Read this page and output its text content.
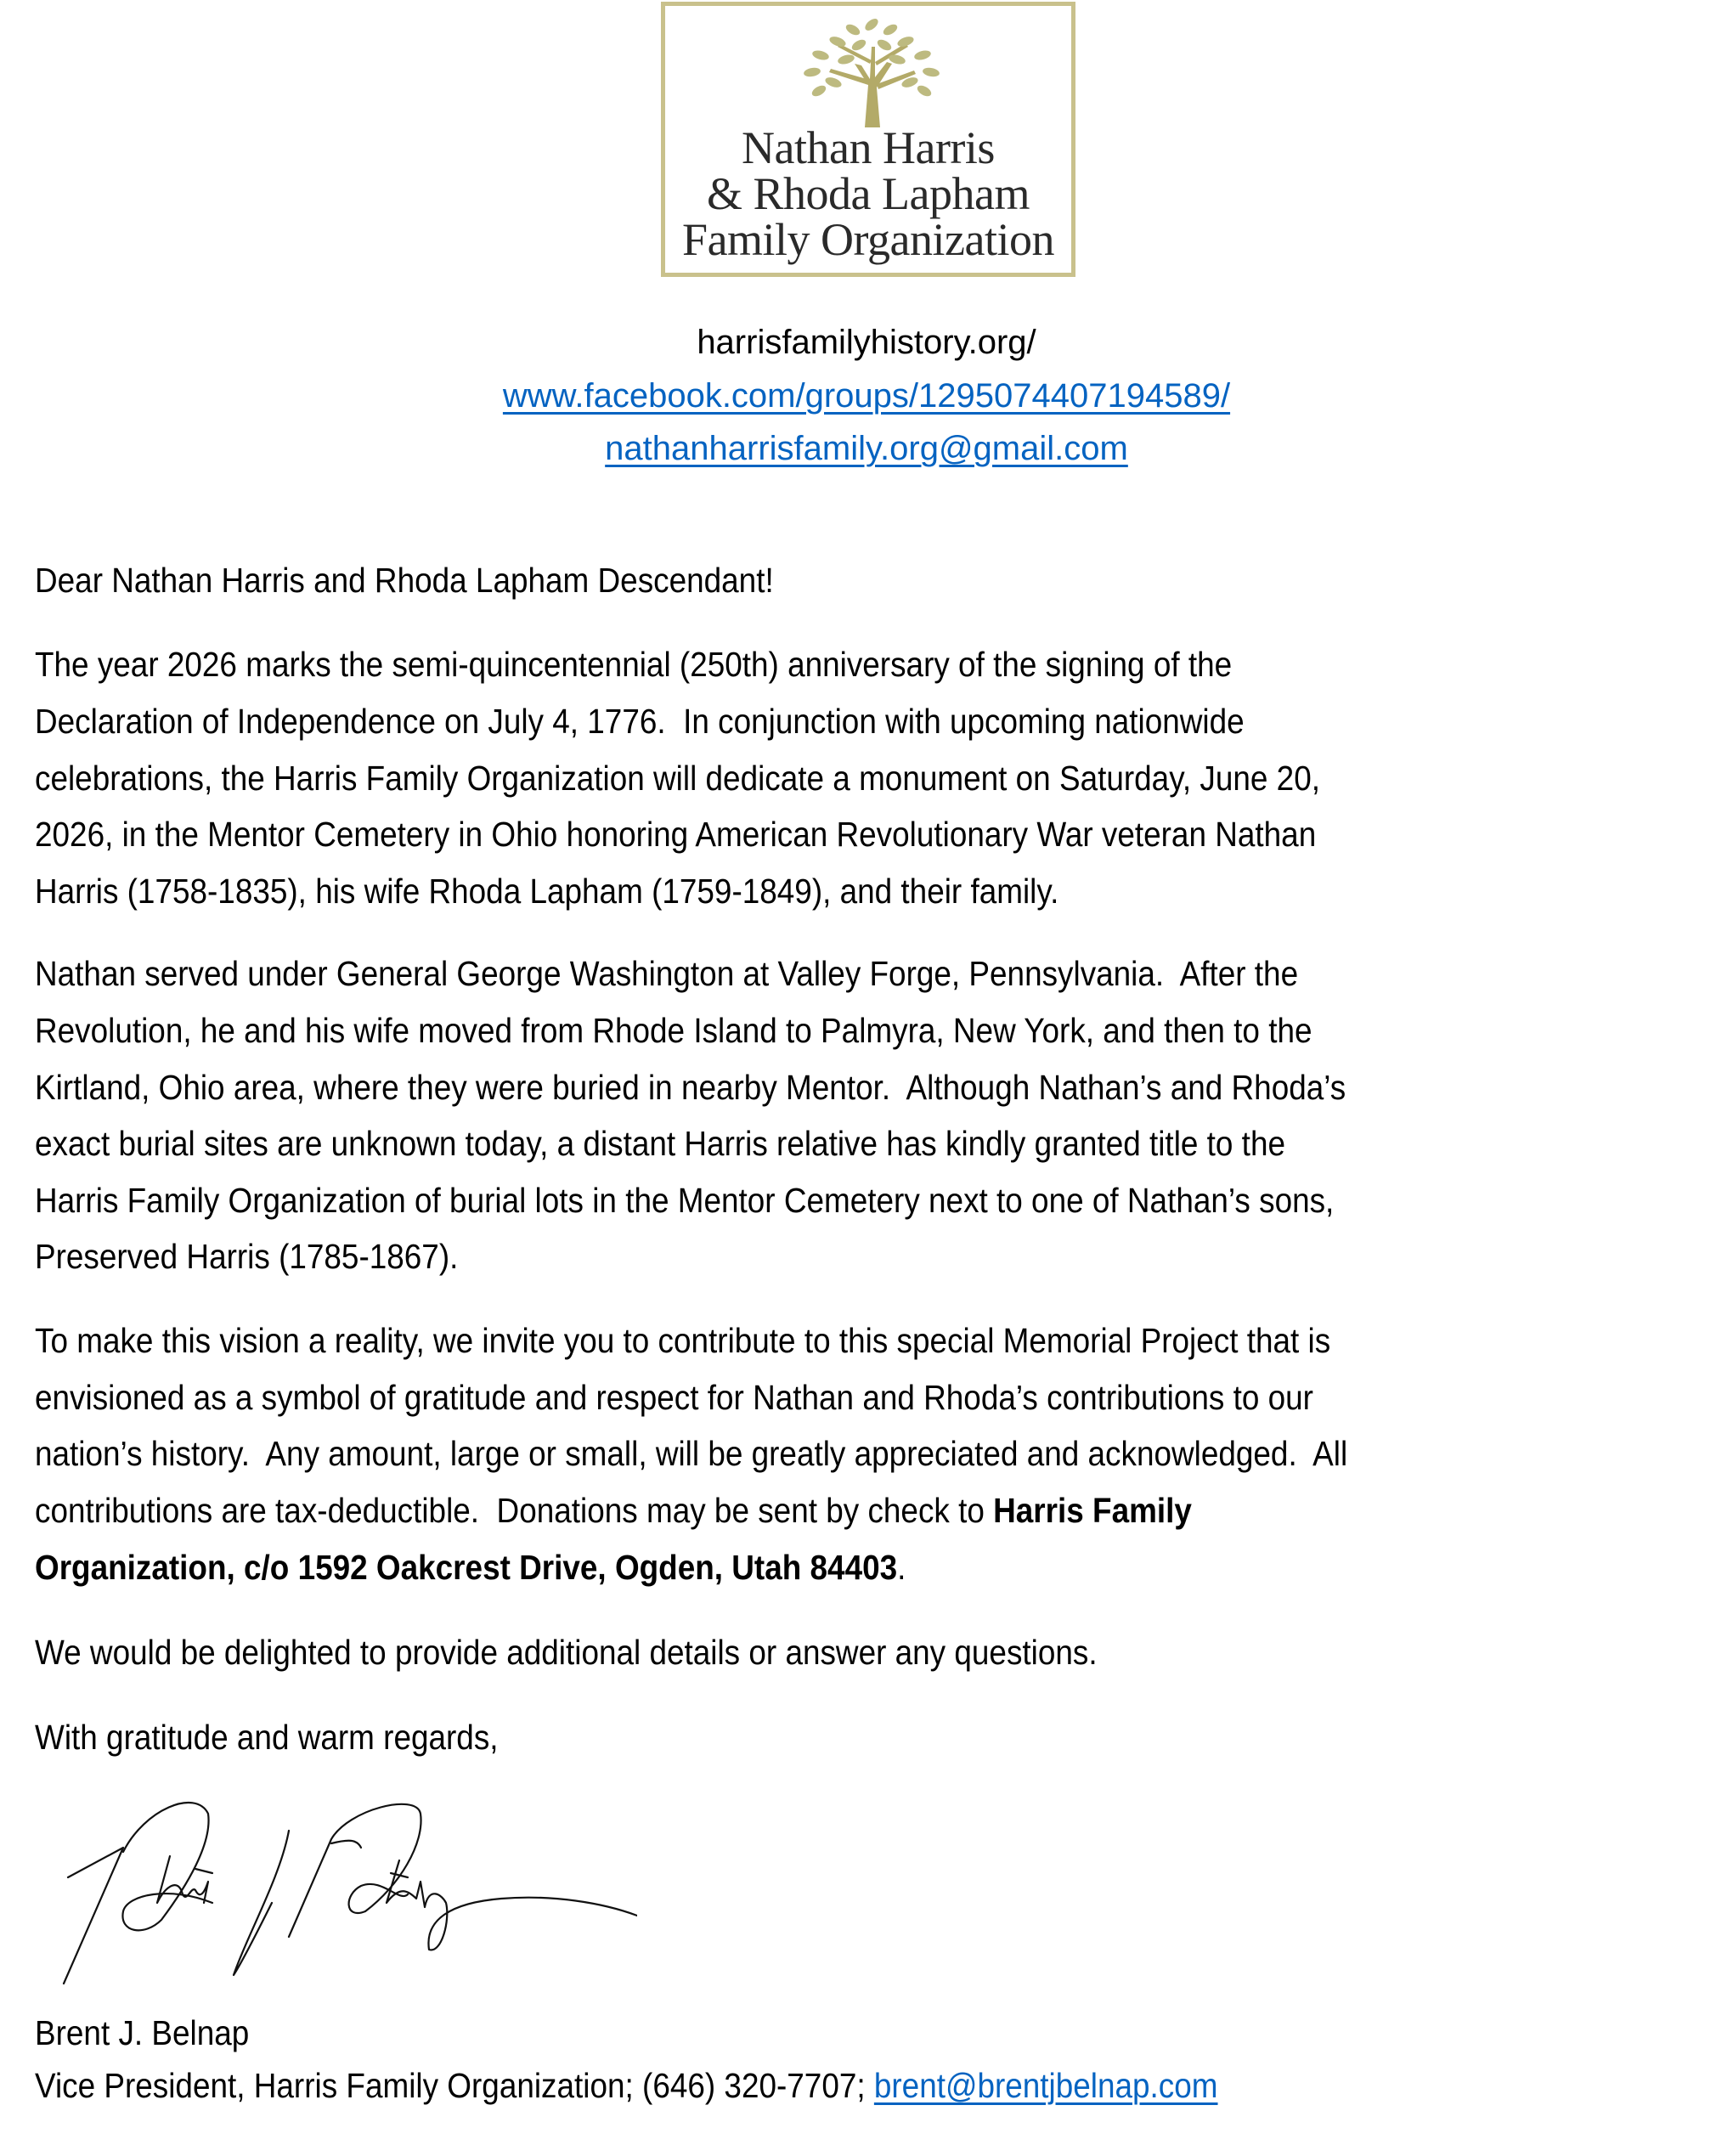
Nathan Harris
& Rhoda Lapham
Family Organization
harrisfamilyhistory.org/
www.facebook.com/groups/1295074407194589/
nathanharrisfamily.org@gmail.com
Dear Nathan Harris and Rhoda Lapham Descendant!
The year 2026 marks the semi-quincentennial (250th) anniversary of the signing of the
Declaration of Independence on July 4, 1776.  In conjunction with upcoming nationwide
celebrations, the Harris Family Organization will dedicate a monument on Saturday, June 20,
2026, in the Mentor Cemetery in Ohio honoring American Revolutionary War veteran Nathan
Harris (1758-1835), his wife Rhoda Lapham (1759-1849), and their family.
Nathan served under General George Washington at Valley Forge, Pennsylvania.  After the
Revolution, he and his wife moved from Rhode Island to Palmyra, New York, and then to the
Kirtland, Ohio area, where they were buried in nearby Mentor.  Although Nathan’s and Rhoda’s
exact burial sites are unknown today, a distant Harris relative has kindly granted title to the
Harris Family Organization of burial lots in the Mentor Cemetery next to one of Nathan’s sons,
Preserved Harris (1785-1867).
To make this vision a reality, we invite you to contribute to this special Memorial Project that is
envisioned as a symbol of gratitude and respect for Nathan and Rhoda’s contributions to our
nation’s history.  Any amount, large or small, will be greatly appreciated and acknowledged.  All
contributions are tax-deductible.  Donations may be sent by check to Harris Family
Organization, c/o 1592 Oakcrest Drive, Ogden, Utah 84403.
We would be delighted to provide additional details or answer any questions.
With gratitude and warm regards,
Brent J. Belnap
Vice President, Harris Family Organization; (646) 320-7707; brent@brentjbelnap.com
